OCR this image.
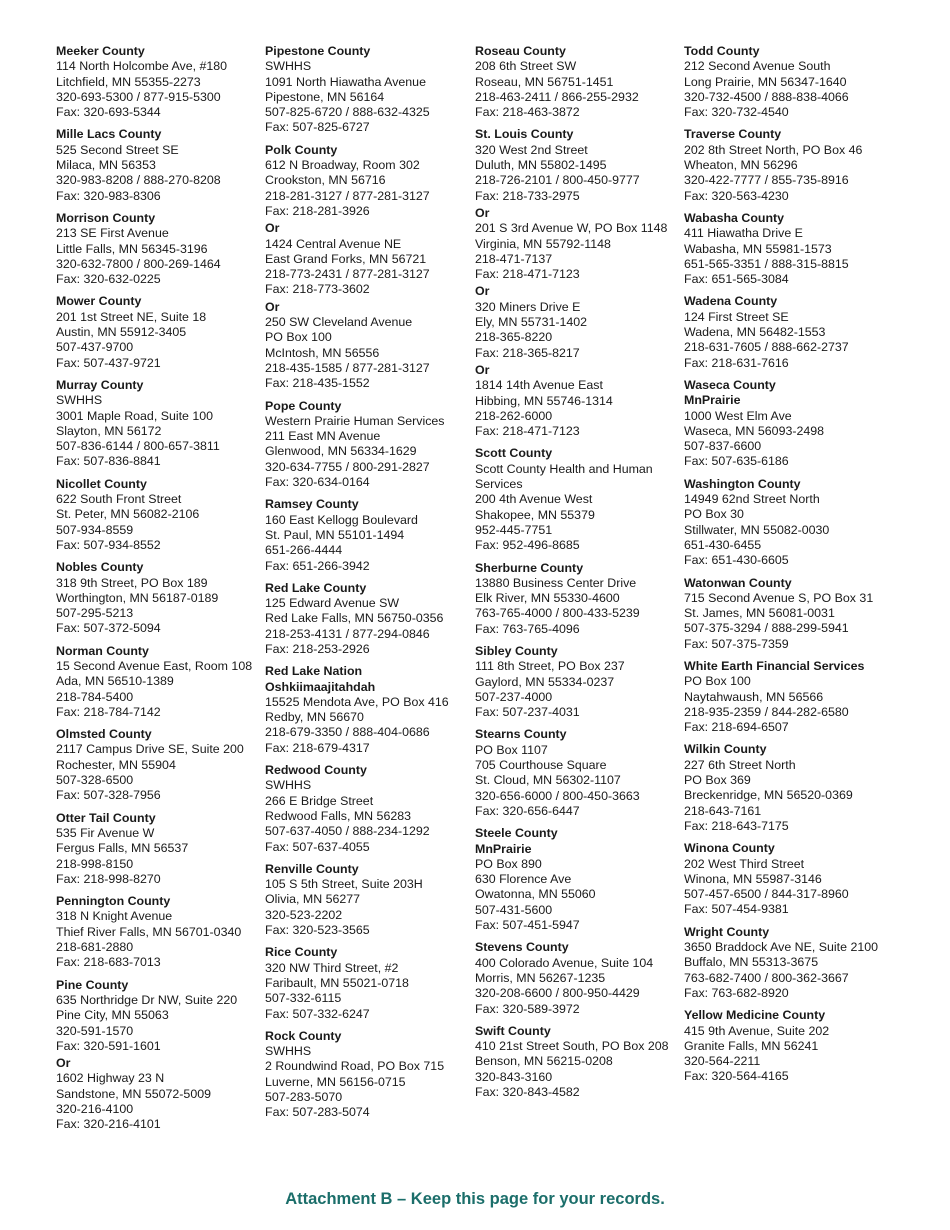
Meeker County
114 North Holcombe Ave, #180
Litchfield, MN 55355-2273
320-693-5300 / 877-915-5300
Fax: 320-693-5344
Mille Lacs County
525 Second Street SE
Milaca, MN 56353
320-983-8208 / 888-270-8208
Fax: 320-983-8306
Morrison County
213 SE First Avenue
Little Falls, MN 56345-3196
320-632-7800 / 800-269-1464
Fax: 320-632-0225
Mower County
201 1st Street NE, Suite 18
Austin, MN 55912-3405
507-437-9700
Fax: 507-437-9721
Murray County
SWHHS
3001 Maple Road, Suite 100
Slayton, MN 56172
507-836-6144 / 800-657-3811
Fax: 507-836-8841
Nicollet County
622 South Front Street
St. Peter, MN 56082-2106
507-934-8559
Fax: 507-934-8552
Nobles County
318 9th Street, PO Box 189
Worthington, MN 56187-0189
507-295-5213
Fax: 507-372-5094
Norman County
15 Second Avenue East, Room 108
Ada, MN 56510-1389
218-784-5400
Fax: 218-784-7142
Olmsted County
2117 Campus Drive SE, Suite 200
Rochester, MN 55904
507-328-6500
Fax: 507-328-7956
Otter Tail County
535 Fir Avenue W
Fergus Falls, MN 56537
218-998-8150
Fax: 218-998-8270
Pennington County
318 N Knight Avenue
Thief River Falls, MN 56701-0340
218-681-2880
Fax: 218-683-7013
Pine County
635 Northridge Dr NW, Suite 220
Pine City, MN 55063
320-591-1570
Fax: 320-591-1601
Or
1602 Highway 23 N
Sandstone, MN 55072-5009
320-216-4100
Fax: 320-216-4101
Pipestone County
SWHHS
1091 North Hiawatha Avenue
Pipestone, MN 56164
507-825-6720 / 888-632-4325
Fax: 507-825-6727
Polk County
612 N Broadway, Room 302
Crookston, MN 56716
218-281-3127 / 877-281-3127
Fax: 218-281-3926
Or
1424 Central Avenue NE
East Grand Forks, MN 56721
218-773-2431 / 877-281-3127
Fax: 218-773-3602
Or
250 SW Cleveland Avenue
PO Box 100
McIntosh, MN 56556
218-435-1585 / 877-281-3127
Fax: 218-435-1552
Pope County
Western Prairie Human Services
211 East MN Avenue
Glenwood, MN 56334-1629
320-634-7755 / 800-291-2827
Fax: 320-634-0164
Ramsey County
160 East Kellogg Boulevard
St. Paul, MN 55101-1494
651-266-4444
Fax: 651-266-3942
Red Lake County
125 Edward Avenue SW
Red Lake Falls, MN 56750-0356
218-253-4131 / 877-294-0846
Fax: 218-253-2926
Red Lake Nation
Oshkiimaajitahdah
15525 Mendota Ave, PO Box 416
Redby, MN 56670
218-679-3350 / 888-404-0686
Fax: 218-679-4317
Redwood County
SWHHS
266 E Bridge Street
Redwood Falls, MN 56283
507-637-4050 / 888-234-1292
Fax: 507-637-4055
Renville County
105 S 5th Street, Suite 203H
Olivia, MN 56277
320-523-2202
Fax: 320-523-3565
Rice County
320 NW Third Street, #2
Faribault, MN 55021-0718
507-332-6115
Fax: 507-332-6247
Rock County
SWHHS
2 Roundwind Road, PO Box 715
Luverne, MN 56156-0715
507-283-5070
Fax: 507-283-5074
Roseau County
208 6th Street SW
Roseau, MN 56751-1451
218-463-2411 / 866-255-2932
Fax: 218-463-3872
St. Louis County
320 West 2nd Street
Duluth, MN 55802-1495
218-726-2101 / 800-450-9777
Fax: 218-733-2975
Or
201 S 3rd Avenue W, PO Box 1148
Virginia, MN 55792-1148
218-471-7137
Fax: 218-471-7123
Or
320 Miners Drive E
Ely, MN 55731-1402
218-365-8220
Fax: 218-365-8217
Or
1814 14th Avenue East
Hibbing, MN 55746-1314
218-262-6000
Fax: 218-471-7123
Scott County
Scott County Health and Human
Services
200 4th Avenue West
Shakopee, MN 55379
952-445-7751
Fax: 952-496-8685
Sherburne County
13880 Business Center Drive
Elk River, MN 55330-4600
763-765-4000 / 800-433-5239
Fax: 763-765-4096
Sibley County
111 8th Street, PO Box 237
Gaylord, MN 55334-0237
507-237-4000
Fax: 507-237-4031
Stearns County
PO Box 1107
705 Courthouse Square
St. Cloud, MN 56302-1107
320-656-6000 / 800-450-3663
Fax: 320-656-6447
Steele County
MnPrairie
PO Box 890
630 Florence Ave
Owatonna, MN 55060
507-431-5600
Fax: 507-451-5947
Stevens County
400 Colorado Avenue, Suite 104
Morris, MN 56267-1235
320-208-6600 / 800-950-4429
Fax: 320-589-3972
Swift County
410 21st Street South, PO Box 208
Benson, MN 56215-0208
320-843-3160
Fax: 320-843-4582
Todd County
212 Second Avenue South
Long Prairie, MN 56347-1640
320-732-4500 / 888-838-4066
Fax: 320-732-4540
Traverse County
202 8th Street North, PO Box 46
Wheaton, MN 56296
320-422-7777 / 855-735-8916
Fax: 320-563-4230
Wabasha County
411 Hiawatha Drive E
Wabasha, MN 55981-1573
651-565-3351 / 888-315-8815
Fax: 651-565-3084
Wadena County
124 First Street SE
Wadena, MN 56482-1553
218-631-7605 / 888-662-2737
Fax: 218-631-7616
Waseca County
MnPrairie
1000 West Elm Ave
Waseca, MN 56093-2498
507-837-6600
Fax: 507-635-6186
Washington County
14949 62nd Street North
PO Box 30
Stillwater, MN 55082-0030
651-430-6455
Fax: 651-430-6605
Watonwan County
715 Second Avenue S, PO Box 31
St. James, MN 56081-0031
507-375-3294 / 888-299-5941
Fax: 507-375-7359
White Earth Financial Services
PO Box 100
Naytahwaush, MN 56566
218-935-2359 / 844-282-6580
Fax: 218-694-6507
Wilkin County
227 6th Street North
PO Box 369
Breckenridge, MN 56520-0369
218-643-7161
Fax: 218-643-7175
Winona County
202 West Third Street
Winona, MN 55987-3146
507-457-6500 / 844-317-8960
Fax: 507-454-9381
Wright County
3650 Braddock Ave NE, Suite 2100
Buffalo, MN 55313-3675
763-682-7400 / 800-362-3667
Fax: 763-682-8920
Yellow Medicine County
415 9th Avenue, Suite 202
Granite Falls, MN 56241
320-564-2211
Fax: 320-564-4165
Attachment B – Keep this page for your records.
